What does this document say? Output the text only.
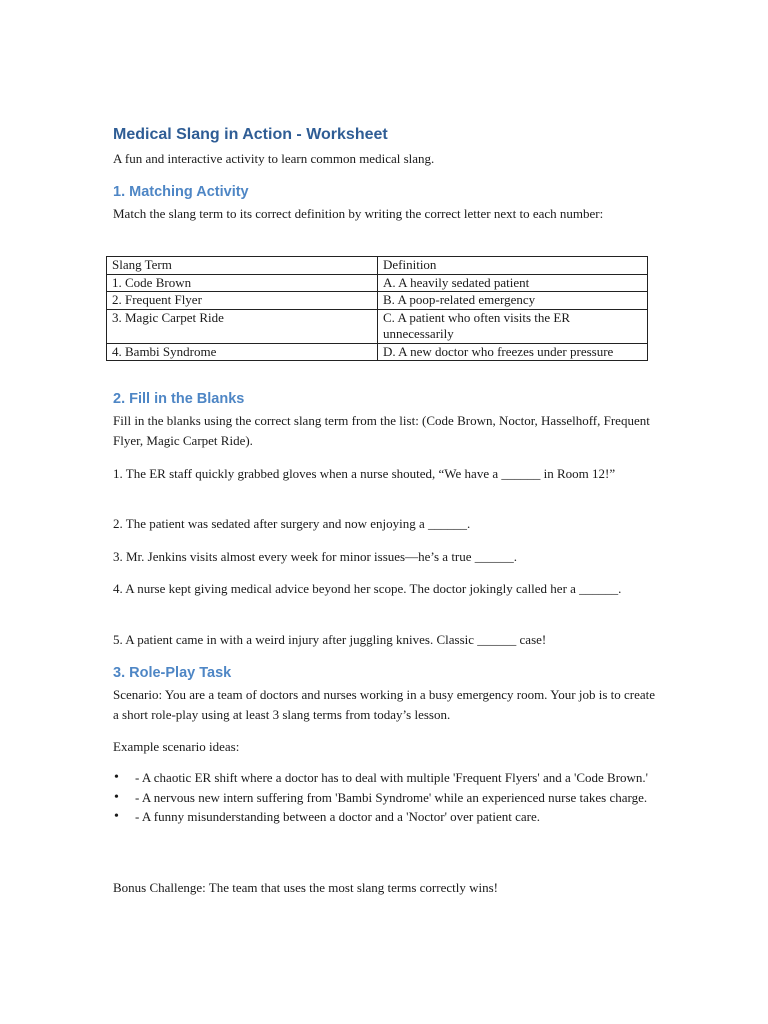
Medical Slang in Action - Worksheet

A fun and interactive activity to learn common medical slang.

1. Matching Activity

Match the slang term to its correct definition by writing the correct letter next to each number:

Slang Term	Definition
1. Code Brown	A. A heavily sedated patient
2. Frequent Flyer	B. A poop-related emergency
3. Magic Carpet Ride	C. A patient who often visits the ER unnecessarily
4. Bambi Syndrome	D. A new doctor who freezes under pressure
2. Fill in the Blanks

Fill in the blanks using the correct slang term from the list: (Code Brown, Noctor, Hasselhoff, Frequent Flyer, Magic Carpet Ride).

1. The ER staff quickly grabbed gloves when a nurse shouted, “We have a ______ in Room 12!”

2. The patient was sedated after surgery and now enjoying a ______.

3. Mr. Jenkins visits almost every week for minor issues—he’s a true ______.

4. A nurse kept giving medical advice beyond her scope. The doctor jokingly called her a ______.

5. A patient came in with a weird injury after juggling knives. Classic ______ case!

3. Role-Play Task

Scenario: You are a team of doctors and nurses working in a busy emergency room. Your job is to create a short role-play using at least 3 slang terms from today’s lesson.

Example scenario ideas:

• - A chaotic ER shift where a doctor has to deal with multiple 'Frequent Flyers' and a 'Code Brown.'
• - A nervous new intern suffering from 'Bambi Syndrome' while an experienced nurse takes charge.
• - A funny misunderstanding between a doctor and a 'Noctor' over patient care.

Bonus Challenge: The team that uses the most slang terms correctly wins!
